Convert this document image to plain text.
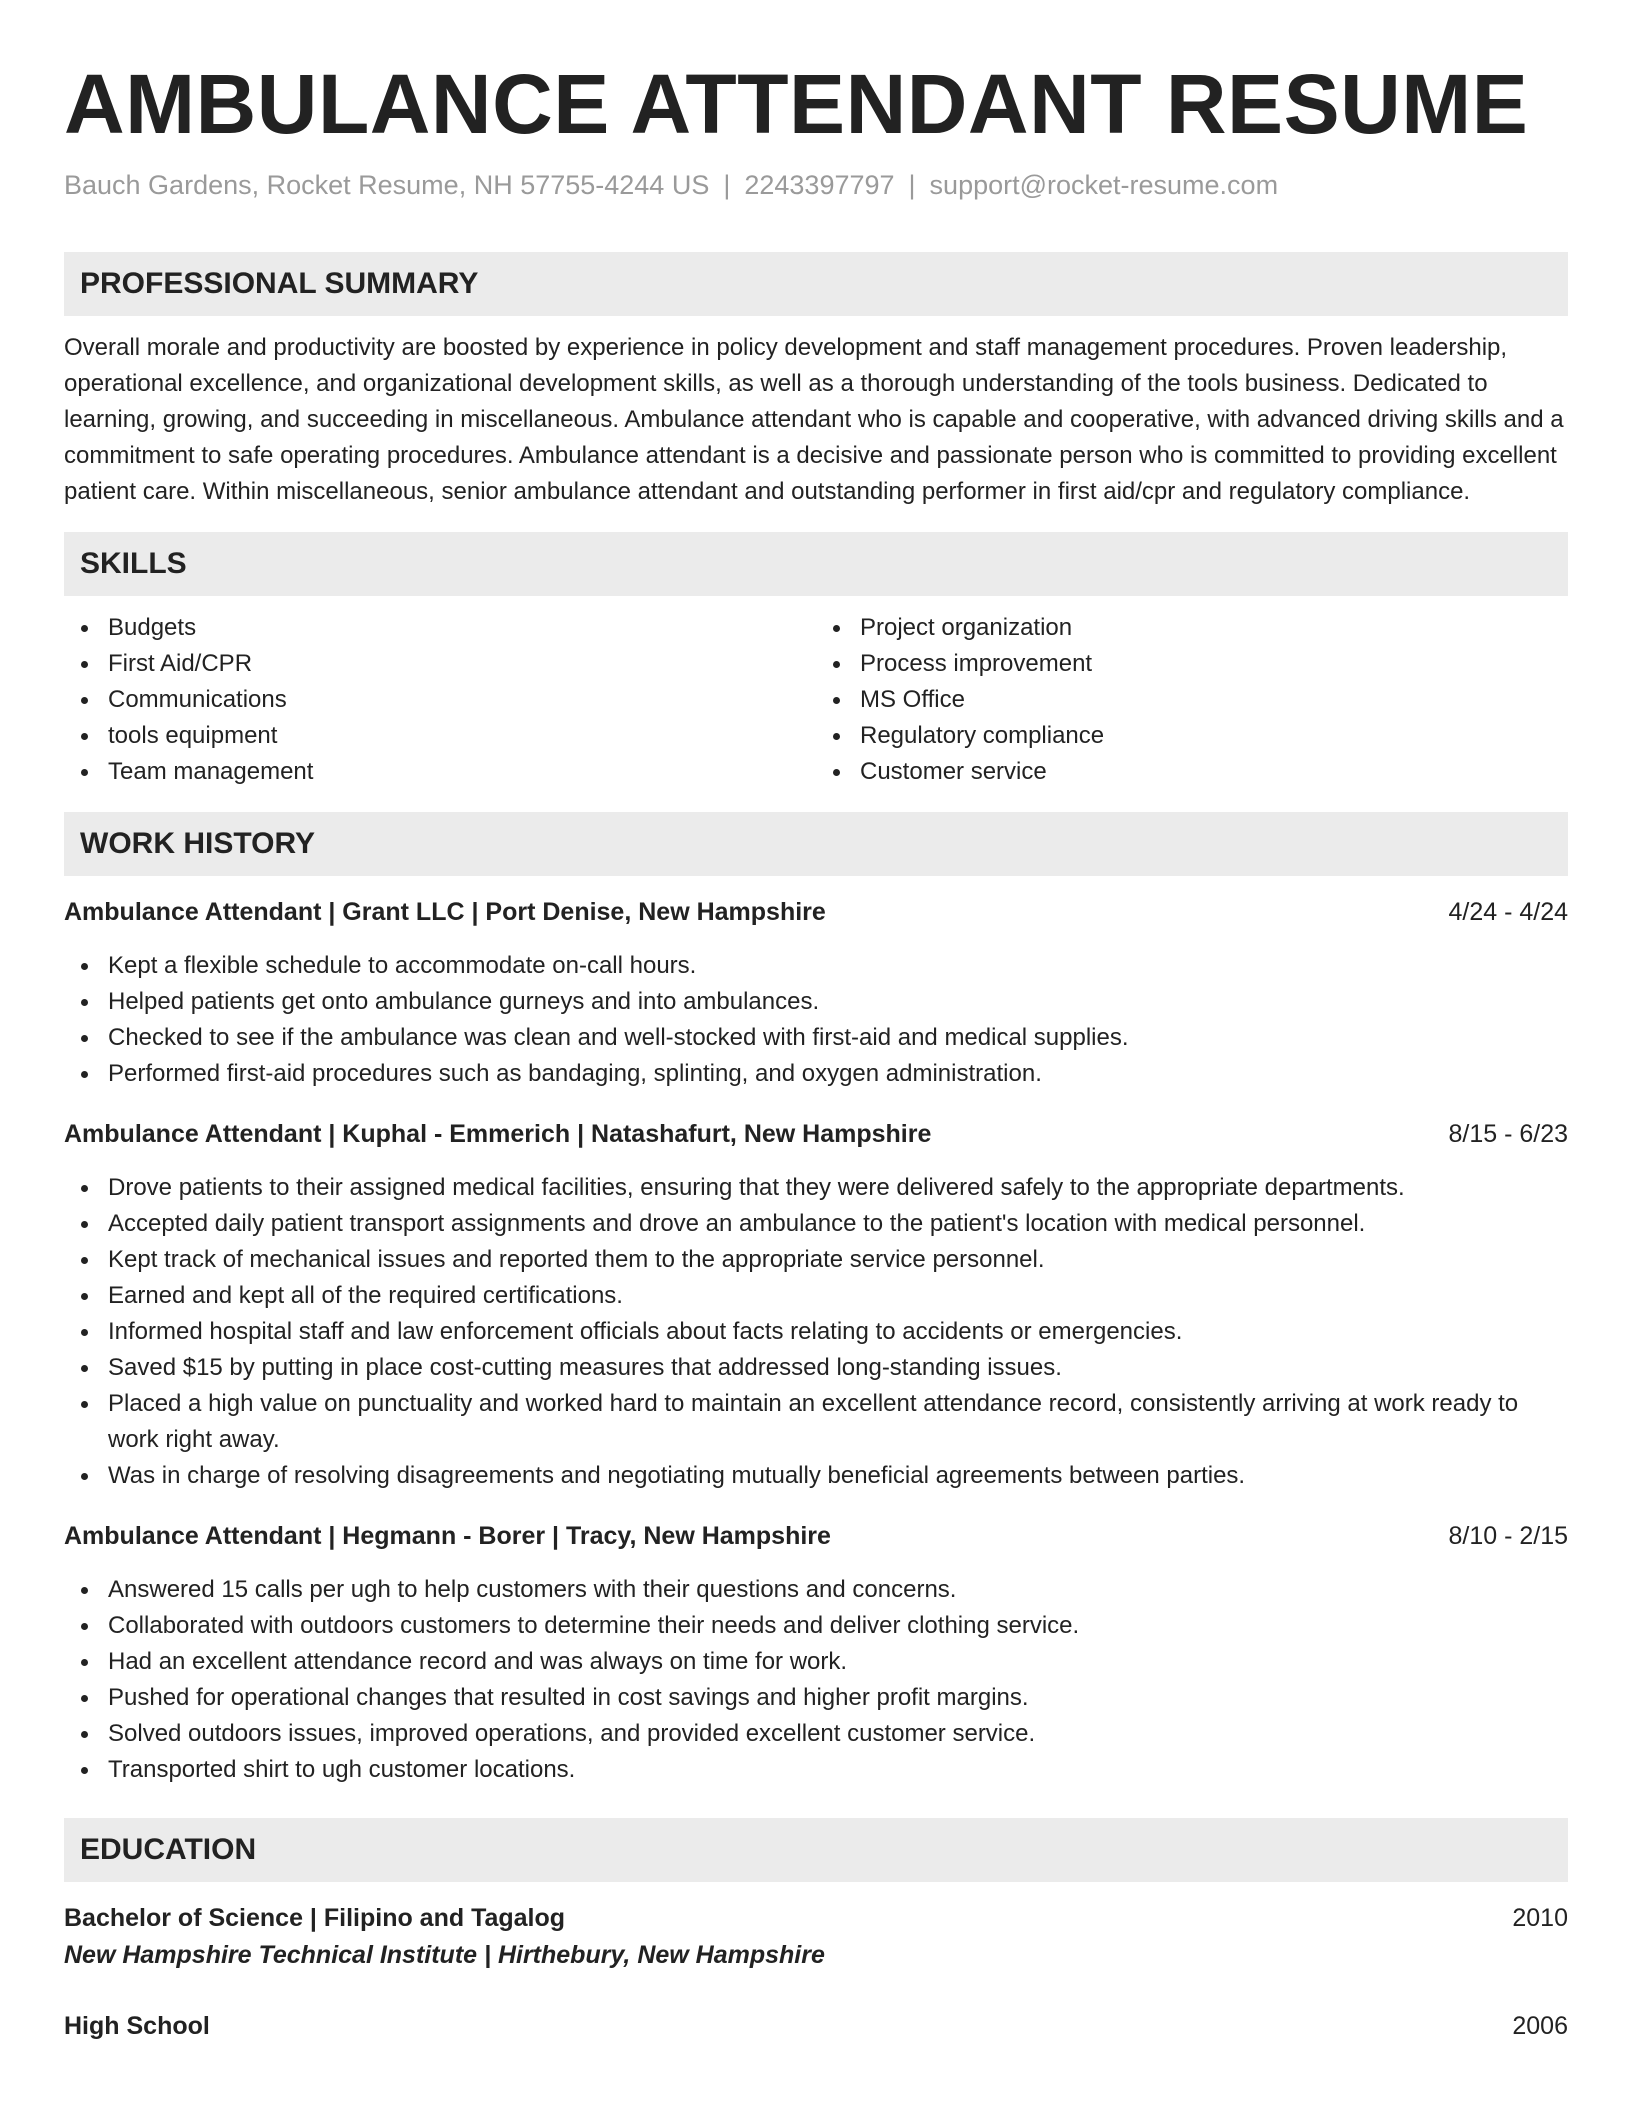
AMBULANCE ATTENDANT RESUME
Bauch Gardens, Rocket Resume, NH 57755-4244 US | 2243397797 | support@rocket-resume.com
PROFESSIONAL SUMMARY

Overall morale and productivity are boosted by experience in policy development and staff management procedures. Proven leadership, operational excellence, and organizational development skills, as well as a thorough understanding of the tools business. Dedicated to learning, growing, and succeeding in miscellaneous. Ambulance attendant who is capable and cooperative, with advanced driving skills and a commitment to safe operating procedures. Ambulance attendant is a decisive and passionate person who is committed to providing excellent patient care. Within miscellaneous, senior ambulance attendant and outstanding performer in first aid/cpr and regulatory compliance.

SKILLS
Budgets
First Aid/CPR
Communications
tools equipment
Team management
Project organization
Process improvement
MS Office
Regulatory compliance
Customer service
WORK HISTORY
Ambulance Attendant | Grant LLC | Port Denise, New Hampshire	4/24 - 4/24
Kept a flexible schedule to accommodate on-call hours.
Helped patients get onto ambulance gurneys and into ambulances.
Checked to see if the ambulance was clean and well-stocked with first-aid and medical supplies.
Performed first-aid procedures such as bandaging, splinting, and oxygen administration.
Ambulance Attendant | Kuphal - Emmerich | Natashafurt, New Hampshire	8/15 - 6/23
Drove patients to their assigned medical facilities, ensuring that they were delivered safely to the appropriate departments.
Accepted daily patient transport assignments and drove an ambulance to the patient's location with medical personnel.
Kept track of mechanical issues and reported them to the appropriate service personnel.
Earned and kept all of the required certifications.
Informed hospital staff and law enforcement officials about facts relating to accidents or emergencies.
Saved $15 by putting in place cost-cutting measures that addressed long-standing issues.
Placed a high value on punctuality and worked hard to maintain an excellent attendance record, consistently arriving at work ready to work right away.
Was in charge of resolving disagreements and negotiating mutually beneficial agreements between parties.
Ambulance Attendant | Hegmann - Borer | Tracy, New Hampshire	8/10 - 2/15
Answered 15 calls per ugh to help customers with their questions and concerns.
Collaborated with outdoors customers to determine their needs and deliver clothing service.
Had an excellent attendance record and was always on time for work.
Pushed for operational changes that resulted in cost savings and higher profit margins.
Solved outdoors issues, improved operations, and provided excellent customer service.
Transported shirt to ugh customer locations.
EDUCATION
Bachelor of Science | Filipino and Tagalog	2010
New Hampshire Technical Institute | Hirthebury, New Hampshire
High School	2006
